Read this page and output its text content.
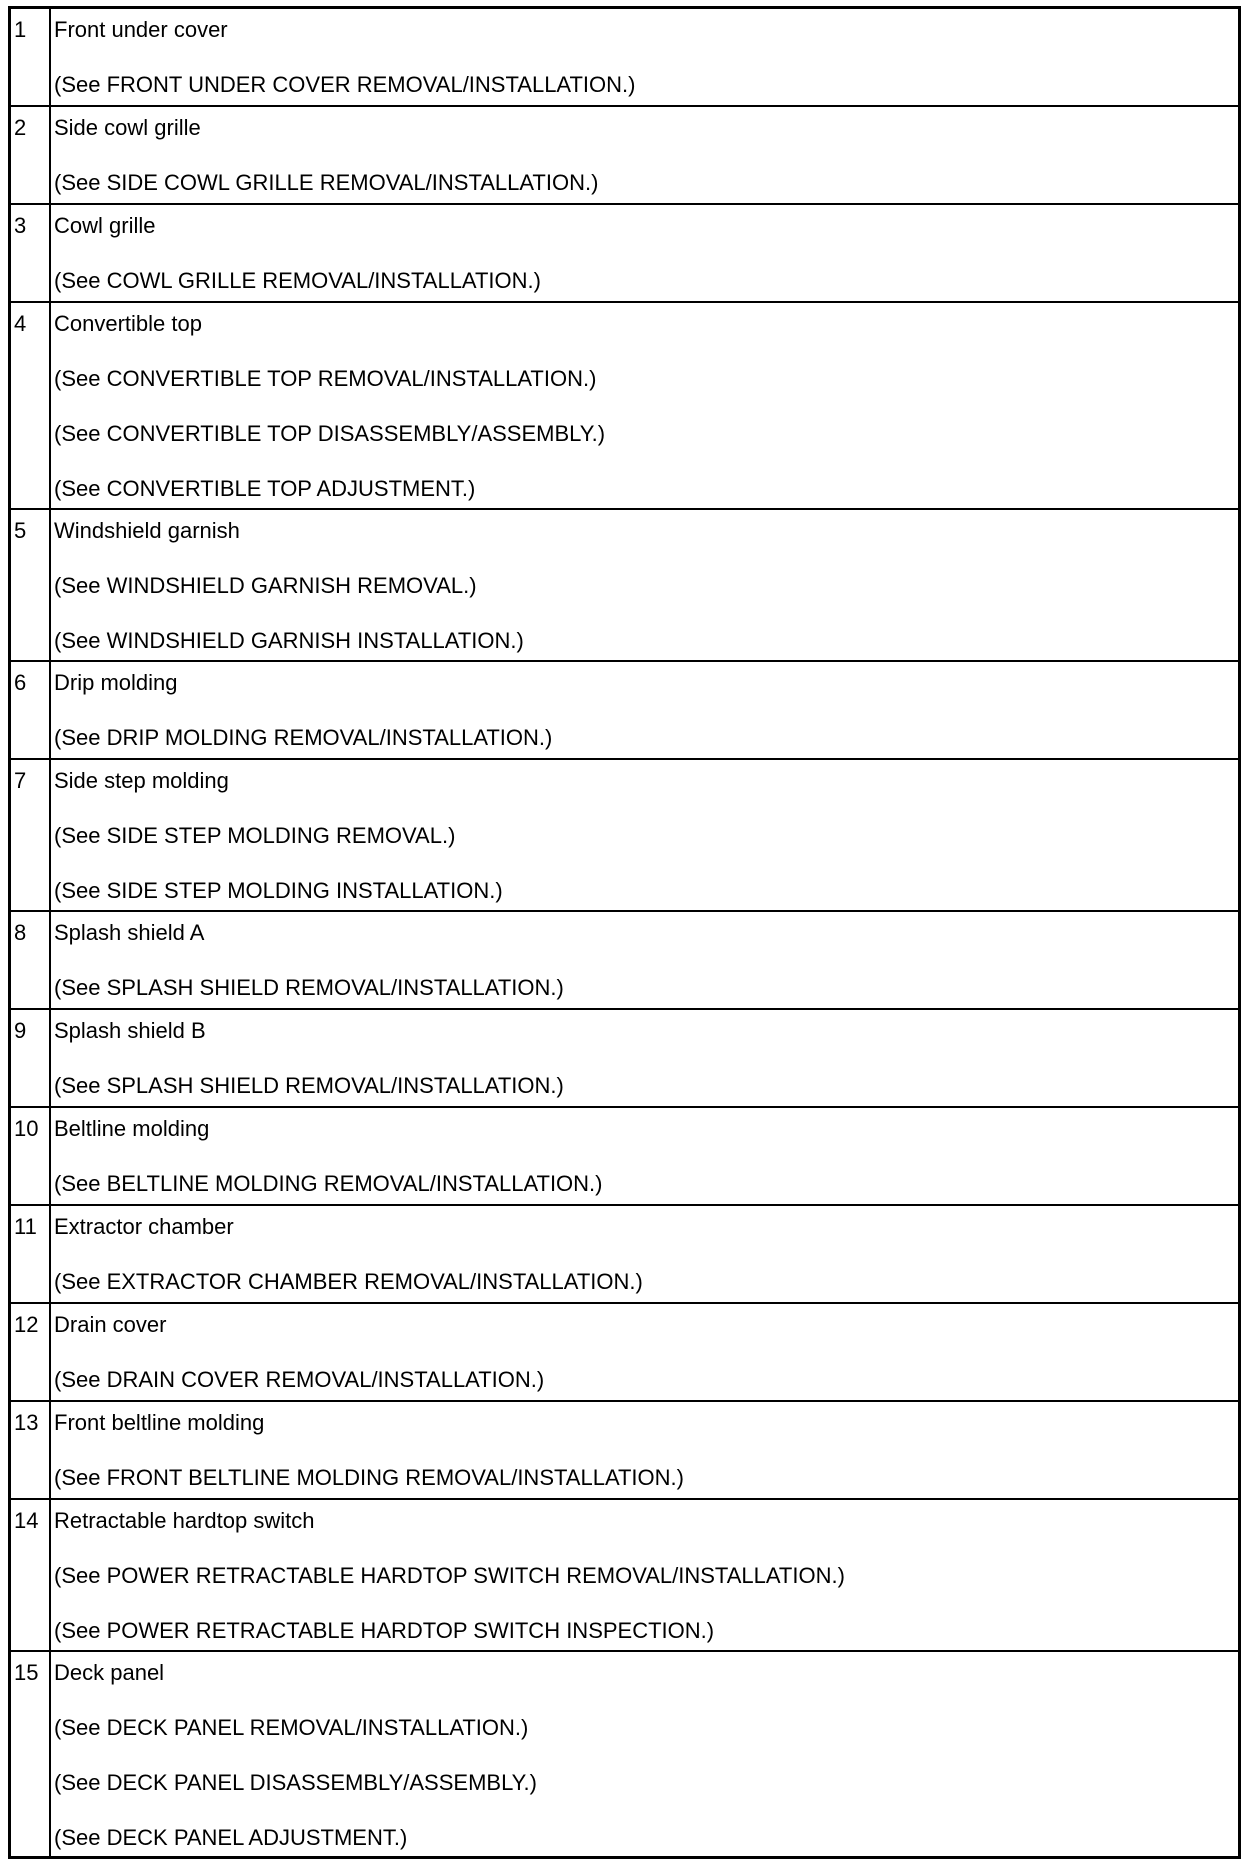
1	Front under cover
(See FRONT UNDER COVER REMOVAL/INSTALLATION.)

2	Side cowl grille
(See SIDE COWL GRILLE REMOVAL/INSTALLATION.)

3	Cowl grille
(See COWL GRILLE REMOVAL/INSTALLATION.)

4	Convertible top
(See CONVERTIBLE TOP REMOVAL/INSTALLATION.)
(See CONVERTIBLE TOP DISASSEMBLY/ASSEMBLY.)
(See CONVERTIBLE TOP ADJUSTMENT.)

5	Windshield garnish
(See WINDSHIELD GARNISH REMOVAL.)
(See WINDSHIELD GARNISH INSTALLATION.)

6	Drip molding
(See DRIP MOLDING REMOVAL/INSTALLATION.)

7	Side step molding
(See SIDE STEP MOLDING REMOVAL.)
(See SIDE STEP MOLDING INSTALLATION.)

8	Splash shield A
(See SPLASH SHIELD REMOVAL/INSTALLATION.)

9	Splash shield B
(See SPLASH SHIELD REMOVAL/INSTALLATION.)

10	Beltline molding
(See BELTLINE MOLDING REMOVAL/INSTALLATION.)

11	Extractor chamber
(See EXTRACTOR CHAMBER REMOVAL/INSTALLATION.)

12	Drain cover
(See DRAIN COVER REMOVAL/INSTALLATION.)

13	Front beltline molding
(See FRONT BELTLINE MOLDING REMOVAL/INSTALLATION.)

14	Retractable hardtop switch
(See POWER RETRACTABLE HARDTOP SWITCH REMOVAL/INSTALLATION.)
(See POWER RETRACTABLE HARDTOP SWITCH INSPECTION.)

15	Deck panel
(See DECK PANEL REMOVAL/INSTALLATION.)
(See DECK PANEL DISASSEMBLY/ASSEMBLY.)
(See DECK PANEL ADJUSTMENT.)
